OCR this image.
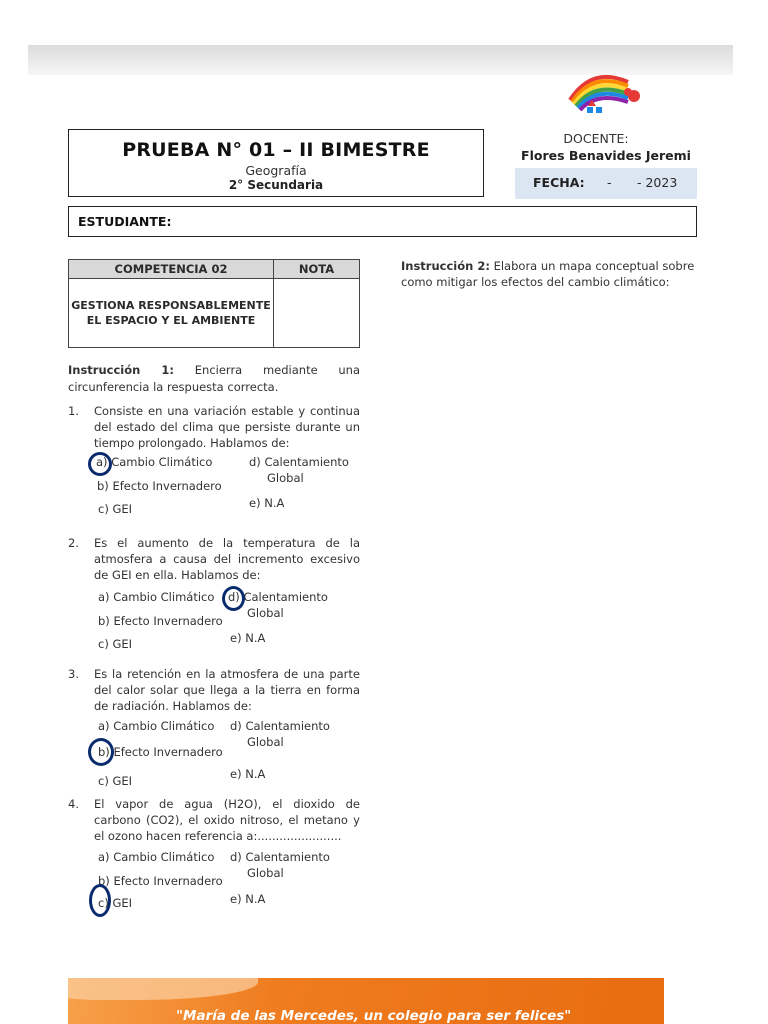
PRUEBA N° 01 – II BIMESTRE
Geografía
2° Secundaria
DOCENTE:
Flores Benavides Jeremi
FECHA: - - 2023
ESTUDIANTE:
COMPETENCIA 02	NOTA
GESTIONA RESPONSABLEMENTE
EL ESPACIO Y EL AMBIENTE	
Instrucción 1: Encierra mediante una circunferencia la respuesta correcta.
Instrucción 2: Elabora un mapa conceptual sobre como mitigar los efectos del cambio climático:
1. Consiste en una variación estable y continua del estado del clima que persiste durante un tiempo prolongado. Hablamos de:
a) Cambio Climático	d) Calentamiento
Global
b) Efecto Invernadero
e) N.A
c) GEI
2. Es el aumento de la temperatura de la atmosfera a causa del incremento excesivo de GEI en ella. Hablamos de:
a) Cambio Climático d) Calentamiento
Global
b) Efecto Invernadero
e) N.A
c) GEI
3. Es la retención en la atmosfera de una parte del calor solar que llega a la tierra en forma de radiación. Hablamos de:
a) Cambio Climático d) Calentamiento
Global
b) Efecto Invernadero
e) N.A
c) GEI
4. El vapor de agua (H2O), el dioxido de carbono (CO2), el oxido nitroso, el metano y el ozono hacen referencia a:.......................
a) Cambio Climático d) Calentamiento
Global
b) Efecto Invernadero
e) N.A
c) GEI
"María de las Mercedes, un colegio para ser felices"
